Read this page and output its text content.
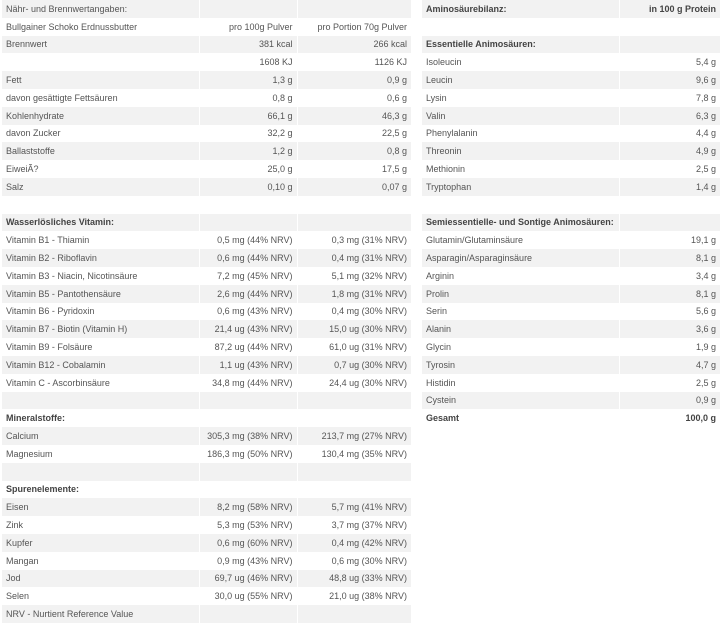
Nähr- und Brennwertangaben:		
Bullgainer Schoko Erdnussbutter	pro 100g Pulver	pro Portion 70g Pulver
Brennwert	381 kcal	266 kcal
	1608 KJ	1126 KJ
Fett	1,3 g	0,9 g
davon gesättigte Fettsäuren	0,8 g	0,6 g
Kohlenhydrate	66,1 g	46,3 g
davon Zucker	32,2 g	22,5 g
Ballaststoffe	1,2 g	0,8 g
EiweiÃ?	25,0 g	17,5 g
Salz	0,10 g	0,07 g

Wasserlösliches Vitamin:		
Vitamin B1 - Thiamin	0,5 mg (44% NRV)	0,3 mg (31% NRV)
Vitamin B2 - Riboflavin	0,6 mg (44% NRV)	0,4 mg (31% NRV)
Vitamin B3 - Niacin, Nicotinsäure	7,2 mg (45% NRV)	5,1 mg (32% NRV)
Vitamin B5 - Pantothensäure	2,6 mg (44% NRV)	1,8 mg (31% NRV)
Vitamin B6 - Pyridoxin	0,6 mg (43% NRV)	0,4 mg (30% NRV)
Vitamin B7 - Biotin (Vitamin H)	21,4 ug (43% NRV)	15,0 ug (30% NRV)
Vitamin B9 - Folsäure	87,2 ug (44% NRV)	61,0 ug (31% NRV)
Vitamin B12 - Cobalamin	1,1 ug (43% NRV)	0,7 ug (30% NRV)
Vitamin C - Ascorbinsäure	34,8 mg (44% NRV)	24,4 ug (30% NRV)

Mineralstoffe:		
Calcium	305,3 mg (38% NRV)	213,7 mg (27% NRV)
Magnesium	186,3 mg (50% NRV)	130,4 mg (35% NRV)

Spurenelemente:		
Eisen	8,2 mg (58% NRV)	5,7 mg (41% NRV)
Zink	5,3 mg (53% NRV)	3,7 mg (37% NRV)
Kupfer	0,6 mg (60% NRV)	0,4 mg (42% NRV)
Mangan	0,9 mg (43% NRV)	0,6 mg (30% NRV)
Jod	69,7 ug (46% NRV)	48,8 ug (33% NRV)
Selen	30,0 ug (55% NRV)	21,0 ug (38% NRV)
NRV - Nurtient Reference Value		

Aminosäurebilanz:	in 100 g Protein

Essentielle Animosäuren:	
Isoleucin	5,4 g
Leucin	9,6 g
Lysin	7,8 g
Valin	6,3 g
Phenylalanin	4,4 g
Threonin	4,9 g
Methionin	2,5 g
Tryptophan	1,4 g

Semiessentielle- und Sontige Animosäuren:	
Glutamin/Glutaminsäure	19,1 g
Asparagin/Asparaginsäure	8,1 g
Arginin	3,4 g
Prolin	8,1 g
Serin	5,6 g
Alanin	3,6 g
Glycin	1,9 g
Tyrosin	4,7 g
Histidin	2,5 g
Cystein	0,9 g
Gesamt	100,0 g
